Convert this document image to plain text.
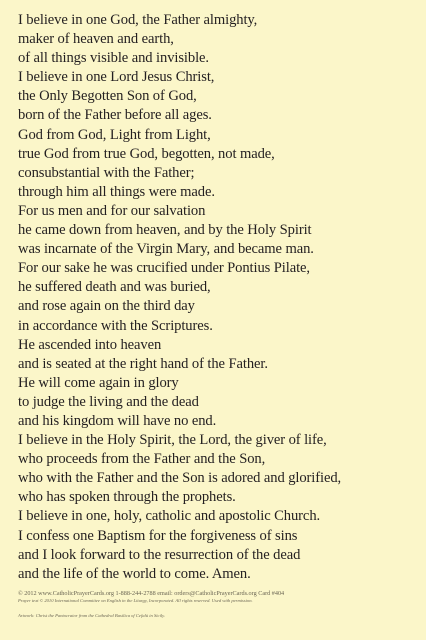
I believe in one God, the Father almighty,
maker of heaven and earth,
of all things visible and invisible.
I believe in one Lord Jesus Christ,
the Only Begotten Son of God,
born of the Father before all ages.
God from God, Light from Light,
true God from true God, begotten, not made,
consubstantial with the Father;
through him all things were made.
For us men and for our salvation
he came down from heaven, and by the Holy Spirit
was incarnate of the Virgin Mary, and became man.
For our sake he was crucified under Pontius Pilate,
he suffered death and was buried,
and rose again on the third day
in accordance with the Scriptures.
He ascended into heaven
and is seated at the right hand of the Father.
He will come again in glory
to judge the living and the dead
and his kingdom will have no end.
I believe in the Holy Spirit, the Lord, the giver of life,
who proceeds from the Father and the Son,
who with the Father and the Son is adored and glorified,
who has spoken through the prophets.
I believe in one, holy, catholic and apostolic Church.
I confess one Baptism for the forgiveness of sins
and I look forward to the resurrection of the dead
and the life of the world to come. Amen.
© 2012 www.CatholicPrayerCards.org 1-888-244-2788 email: orders@CatholicPrayerCards.org Card #404
Prayer text © 2010 International Committee on English in the Liturgy, Incorporated. All rights reserved. Used with permission.
Artwork: Christ the Pantocrator from the Cathedral Basilica of Cefalù in Sicily.
